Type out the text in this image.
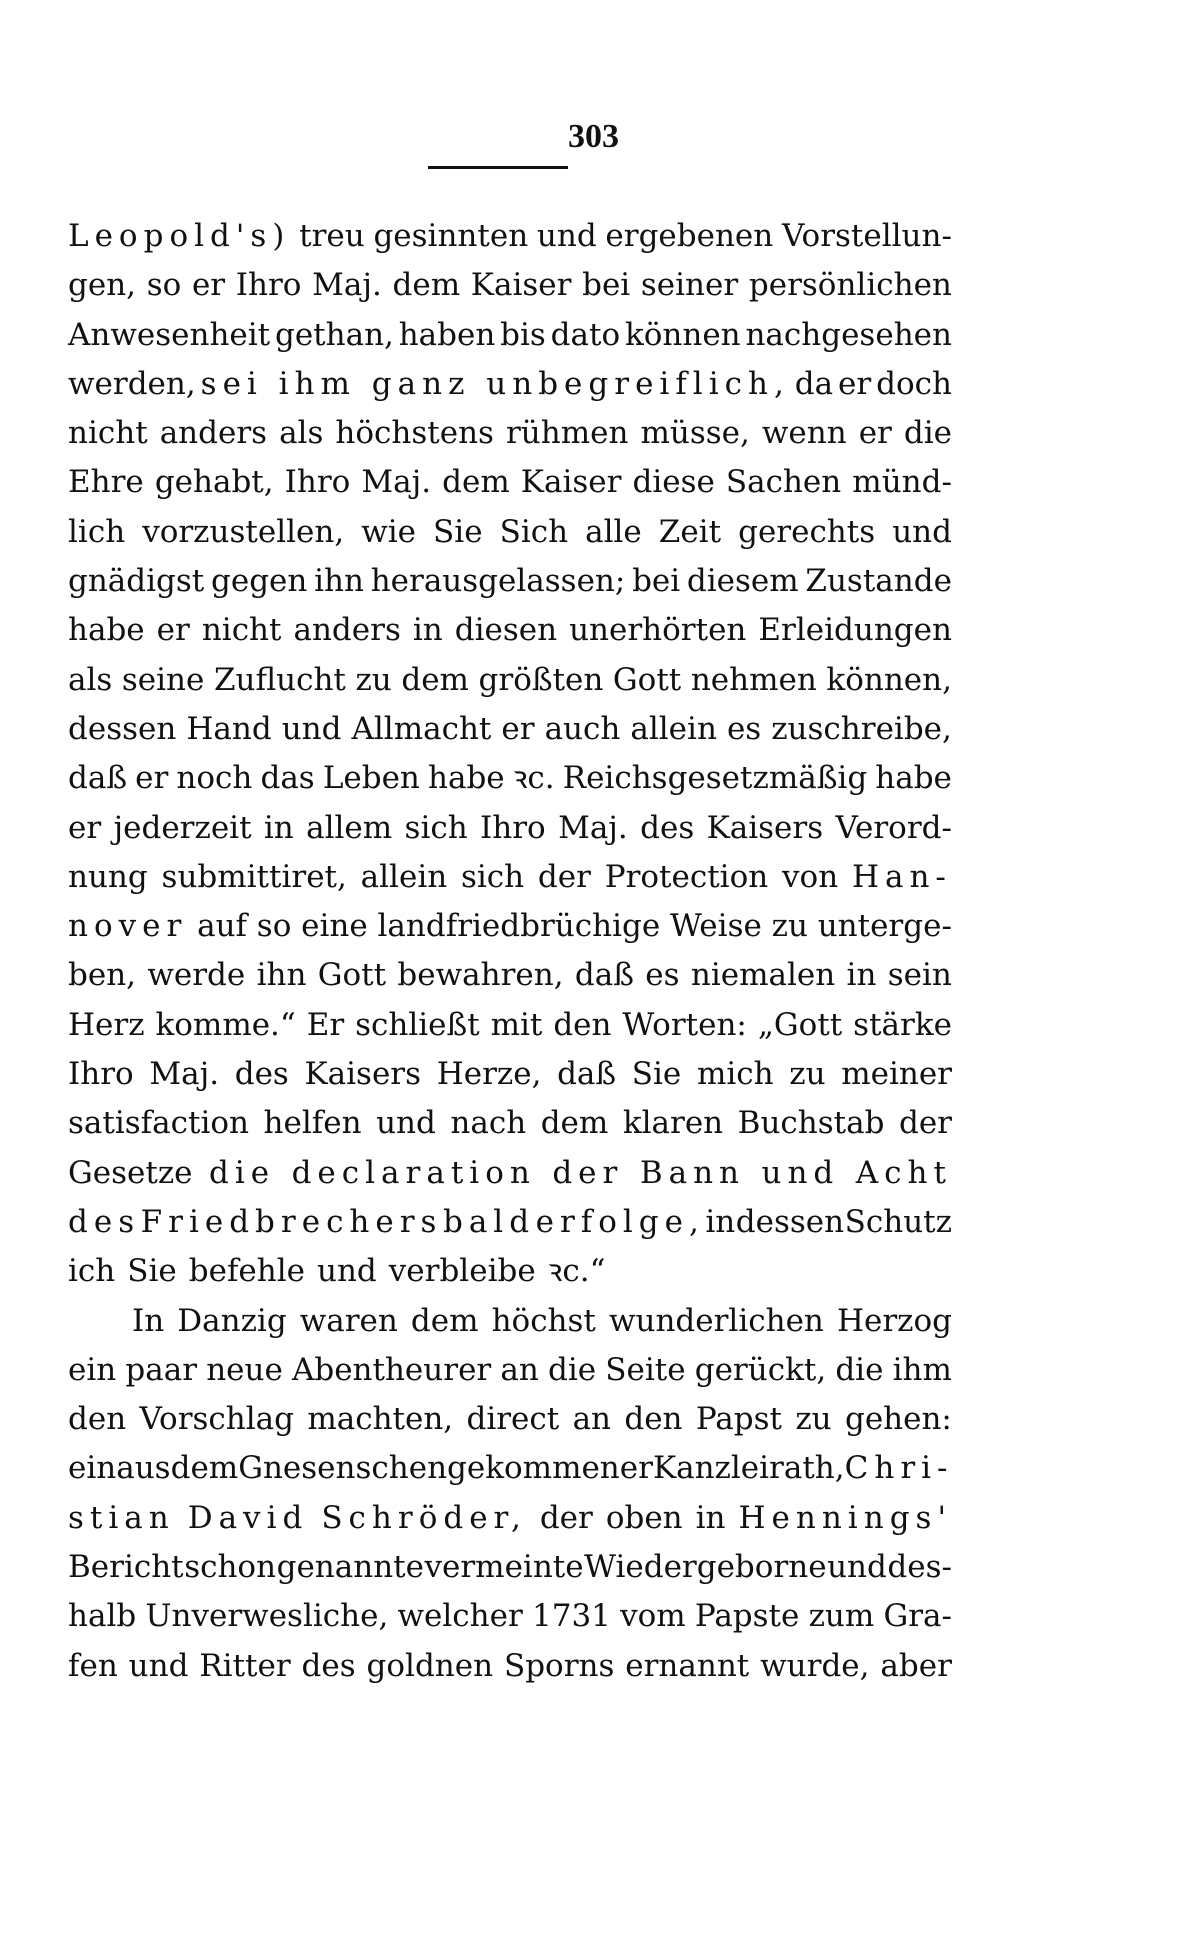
303
Leopold's) treu gesinnten und ergebenen Vorstellun-
gen, so er Ihro Maj. dem Kaiser bei seiner persönlichen
Anwesenheit gethan, haben bis dato können nachgesehen
werden, sei ihm ganz unbegreiflich, da er doch
nicht anders als höchstens rühmen müsse, wenn er die
Ehre gehabt, Ihro Maj. dem Kaiser diese Sachen münd-
lich vorzustellen, wie Sie Sich alle Zeit gerechts und
gnädigst gegen ihn herausgelassen; bei diesem Zustande
habe er nicht anders in diesen unerhörten Erleidungen
als seine Zuflucht zu dem größten Gott nehmen können,
dessen Hand und Allmacht er auch allein es zuschreibe,
daß er noch das Leben habe ꝛc. Reichsgesetzmäßig habe
er jederzeit in allem sich Ihro Maj. des Kaisers Verord-
nung submittiret, allein sich der Protection von Han-
nover auf so eine landfriedbrüchige Weise zu unterge-
ben, werde ihn Gott bewahren, daß es niemalen in sein
Herz komme.“ Er schließt mit den Worten: „Gott stärke
Ihro Maj. des Kaisers Herze, daß Sie mich zu meiner
satisfaction helfen und nach dem klaren Buchstab der
Gesetze die declaration der Bann und Acht
des Friedbrechers bald erfolge, in dessen Schutz
ich Sie befehle und verbleibe ꝛc.“
In Danzig waren dem höchst wunderlichen Herzog
ein paar neue Abentheurer an die Seite gerückt, die ihm
den Vorschlag machten, direct an den Papst zu gehen:
ein aus dem Gnesenschen gekommener Kanzleirath, Chri-
stian David Schröder, der oben in Hennings'
Bericht schon genannte vermeinte Wiedergeborne und des-
halb Unverwesliche, welcher 1731 vom Papste zum Gra-
fen und Ritter des goldnen Sporns ernannt wurde, aber
